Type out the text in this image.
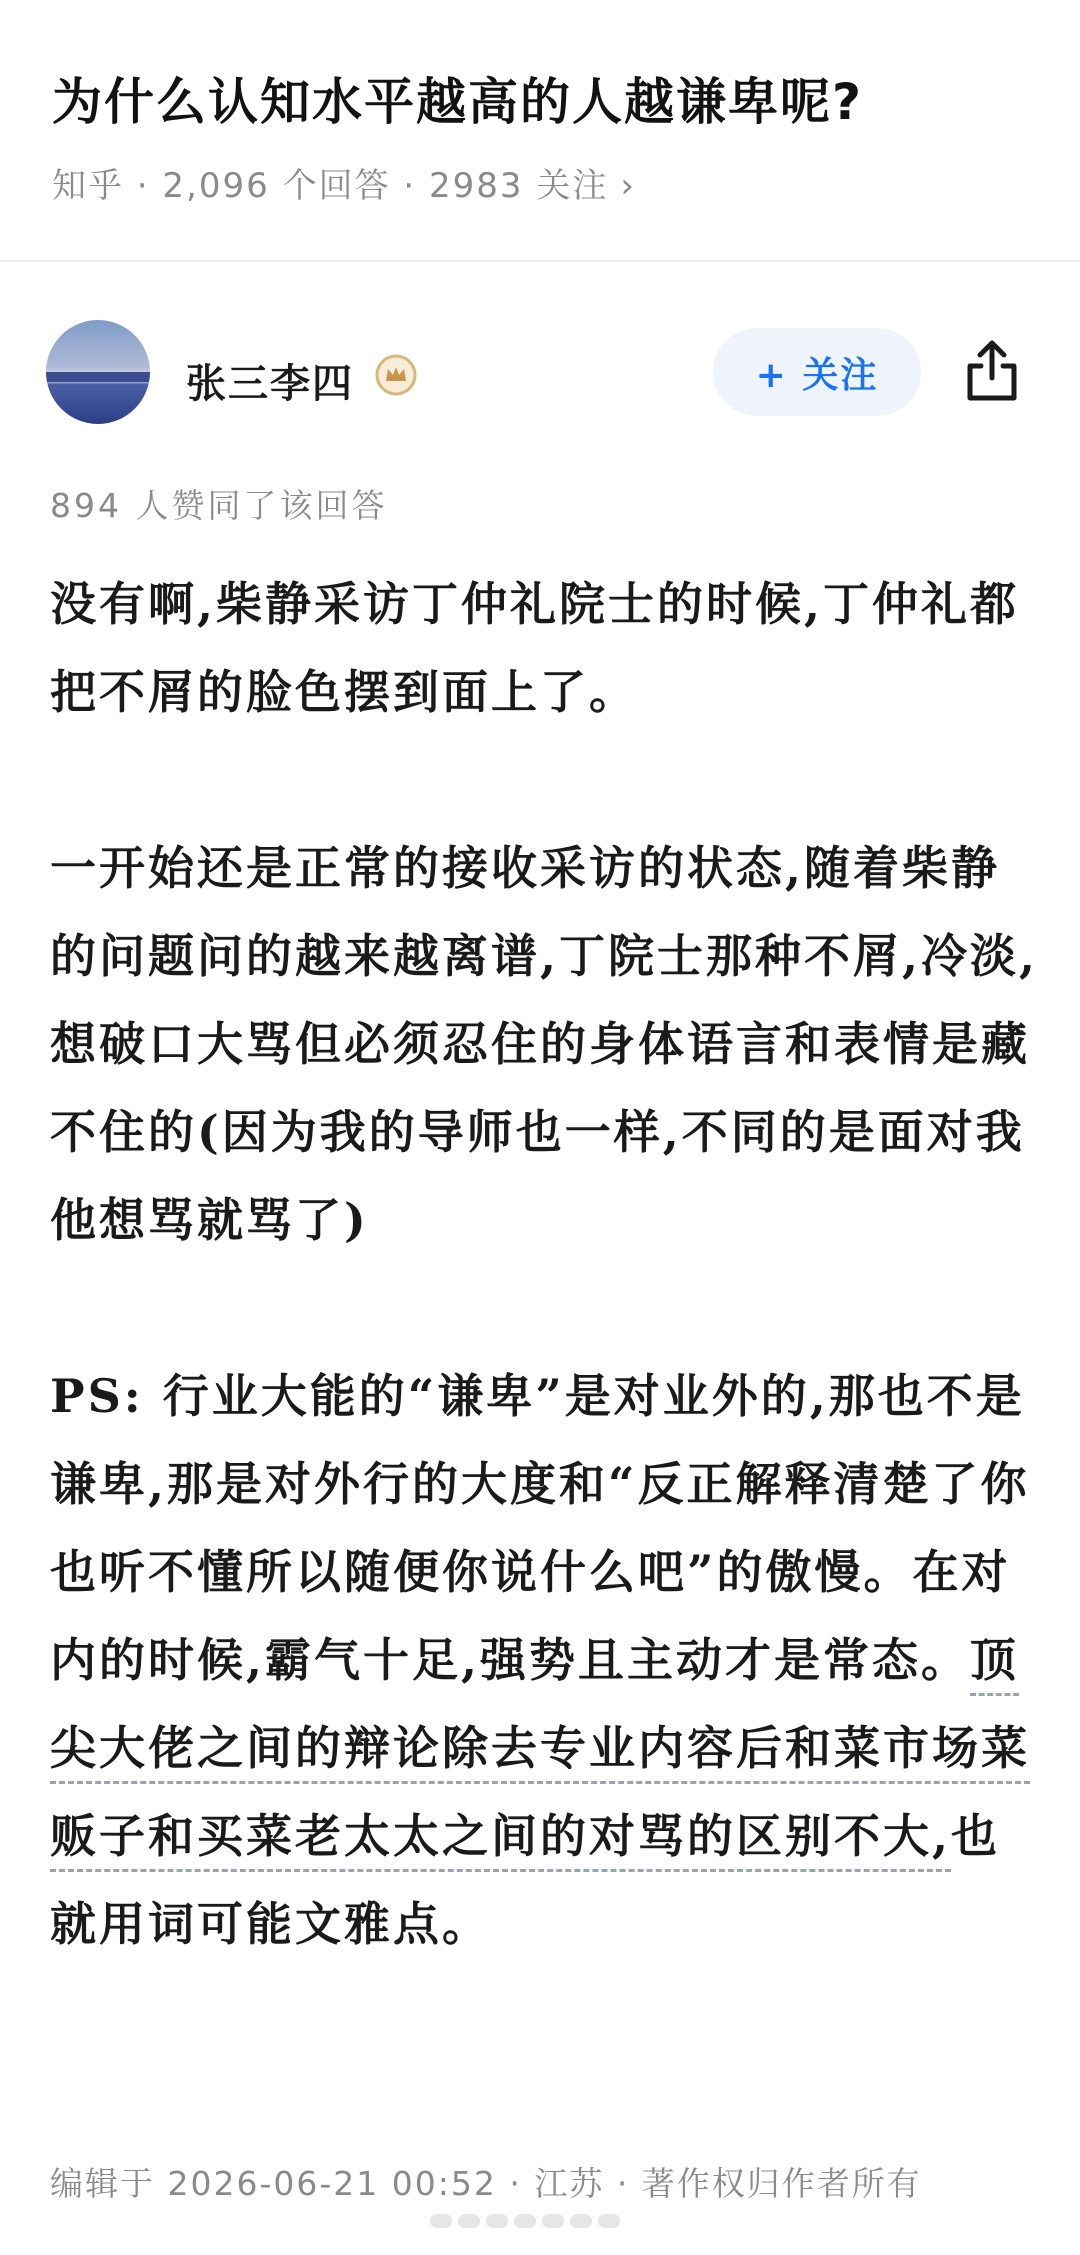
为什么认知水平越高的人越谦卑呢?
知乎 · 2,096 个回答 · 2983 关注 ›
张三李四	+ 关注
894 人赞同了该回答

没有啊,柴静采访丁仲礼院士的时候,丁仲礼都把不屑的脸色摆到面上了。

一开始还是正常的接收采访的状态,随着柴静的问题问的越来越离谱,丁院士那种不屑,冷淡,想破口大骂但必须忍住的身体语言和表情是藏不住的(因为我的导师也一样,不同的是面对我他想骂就骂了)

PS: 行业大能的“谦卑”是对业外的,那也不是谦卑,那是对外行的大度和“反正解释清楚了你也听不懂所以随便你说什么吧”的傲慢。在对内的时候,霸气十足,强势且主动才是常态。顶尖大佬之间的辩论除去专业内容后和菜市场菜贩子和买菜老太太之间的对骂的区别不大,也就用词可能文雅点。

编辑于 2026-06-21 00:52 · 江苏 · 著作权归作者所有
